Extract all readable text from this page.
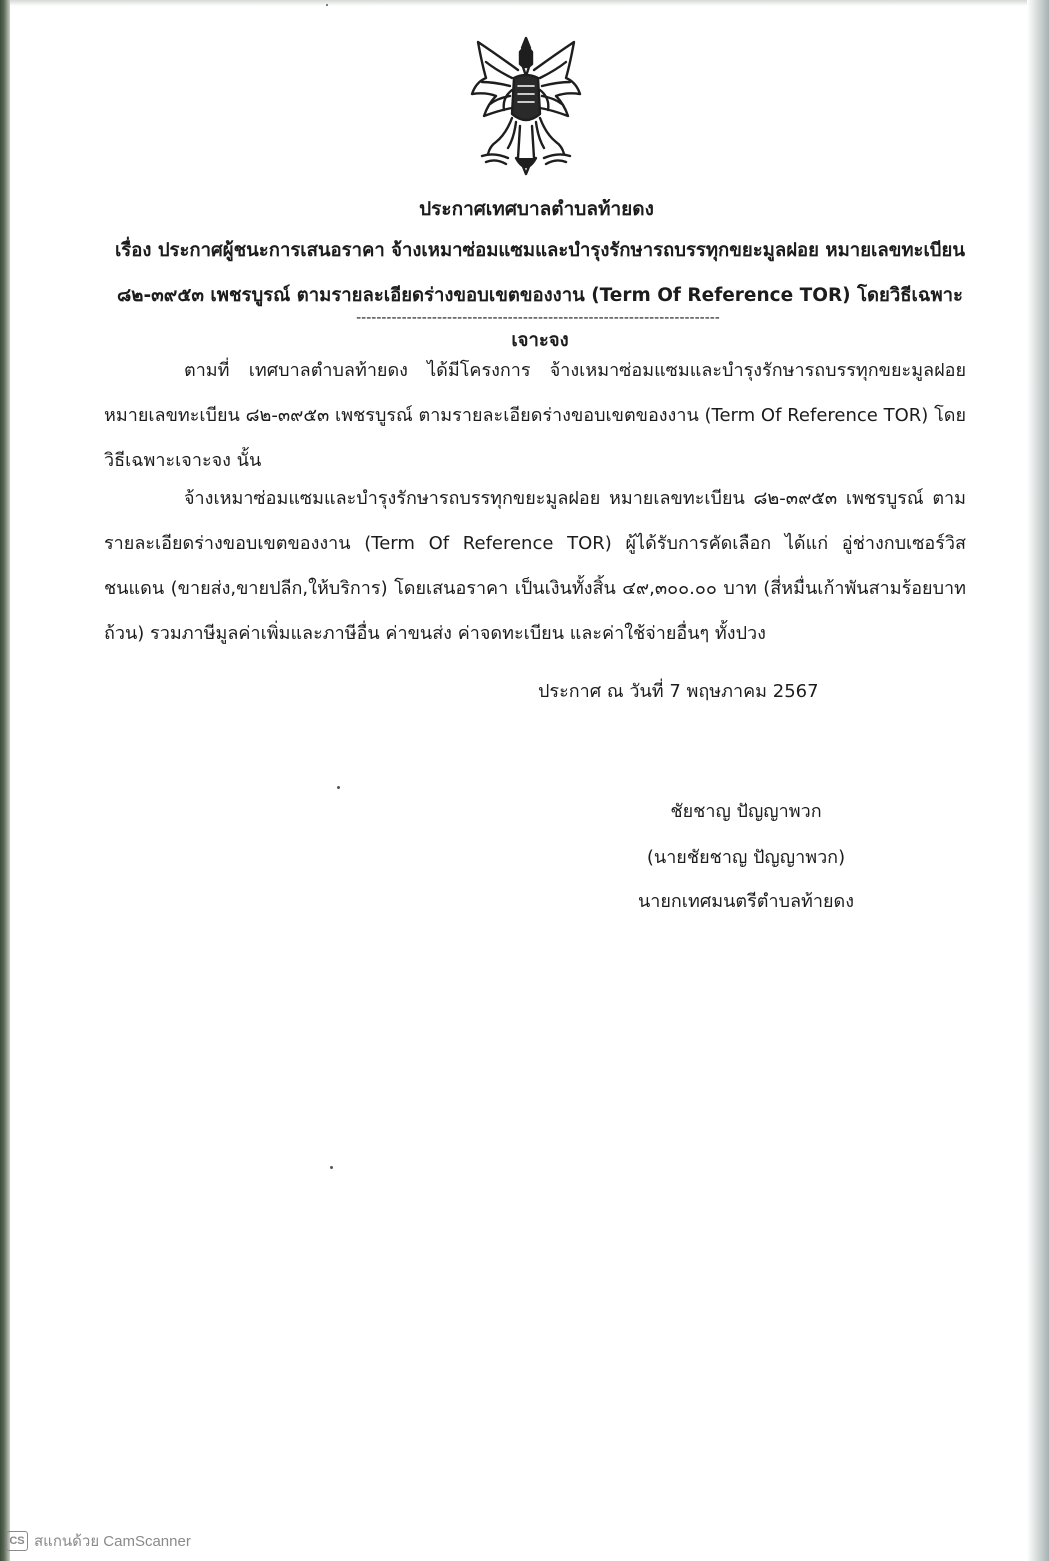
ประกาศเทศบาลตำบลท้ายดง
เรื่อง ประกาศผู้ชนะการเสนอราคา จ้างเหมาซ่อมแซมและบำรุงรักษารถบรรทุกขยะมูลฝอย หมายเลขทะเบียน ๘๒-๓๙๕๓ เพชรบูรณ์ ตามรายละเอียดร่างขอบเขตของงาน (Term Of Reference TOR) โดยวิธีเฉพาะเจาะจง
------------------------------------------------------------------------
ตามที่ เทศบาลตำบลท้ายดง ได้มีโครงการ จ้างเหมาซ่อมแซมและบำรุงรักษารถบรรทุกขยะมูลฝอย หมายเลขทะเบียน ๘๒-๓๙๕๓ เพชรบูรณ์ ตามรายละเอียดร่างขอบเขตของงาน (Term Of Reference TOR) โดยวิธีเฉพาะเจาะจง นั้น
จ้างเหมาซ่อมแซมและบำรุงรักษารถบรรทุกขยะมูลฝอย หมายเลขทะเบียน ๘๒-๓๙๕๓ เพชรบูรณ์ ตามรายละเอียดร่างขอบเขตของงาน (Term Of Reference TOR) ผู้ได้รับการคัดเลือก ได้แก่ อู่ช่างกบเซอร์วิส ชนแดน (ขายส่ง,ขายปลีก,ให้บริการ) โดยเสนอราคา เป็นเงินทั้งสิ้น ๔๙,๓๐๐.๐๐ บาท (สี่หมื่นเก้าพันสามร้อยบาทถ้วน) รวมภาษีมูลค่าเพิ่มและภาษีอื่น ค่าขนส่ง ค่าจดทะเบียน และค่าใช้จ่ายอื่นๆ ทั้งปวง
ประกาศ ณ วันที่ 7 พฤษภาคม 2567
ชัยชาญ ปัญญาพวก
(นายชัยชาญ ปัญญาพวก)
นายกเทศมนตรีตำบลท้ายดง
CS สแกนด้วย CamScanner
